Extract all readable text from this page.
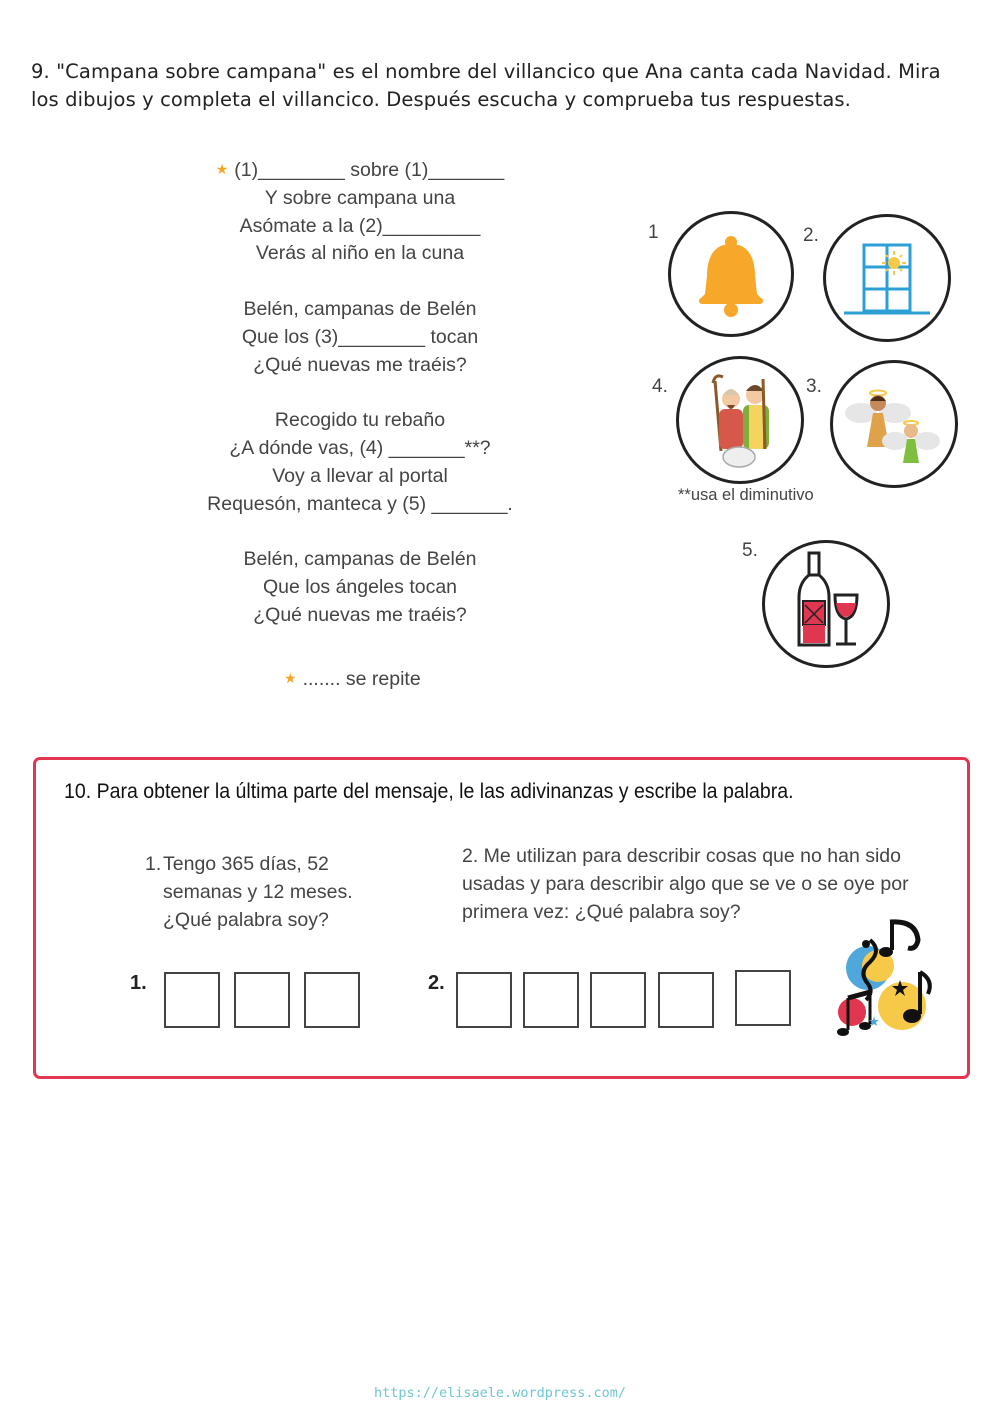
9. "Campana sobre campana" es el nombre del villancico que Ana canta cada Navidad. Mira los dibujos y completa el villancico. Después escucha y comprueba tus respuestas.
★ (1)________ sobre (1)_______
Y sobre campana una
Asómate a la (2)_________
Verás al niño en la cuna
Belén, campanas de Belén
Que los (3)________ tocan
¿Qué nuevas me traéis?
Recogido tu rebaño
¿A dónde vas, (4) _______**?
Voy a llevar al portal
Requesón, manteca y (5) _______.
Belén, campanas de Belén
Que los ángeles tocan
¿Qué nuevas me traéis?
★ ....... se repite
1	2.
4.	3.
**usa el diminutivo
5.
10. Para obtener la última parte del mensaje, le las adivinanzas y escribe la palabra.
1. Tengo 365 días, 52 semanas y 12 meses. ¿Qué palabra soy?
2. Me utilizan para describir cosas que no han sido usadas y para describir algo que se ve o se oye por primera vez: ¿Qué palabra soy?
1.	2.
https://elisaele.wordpress.com/
